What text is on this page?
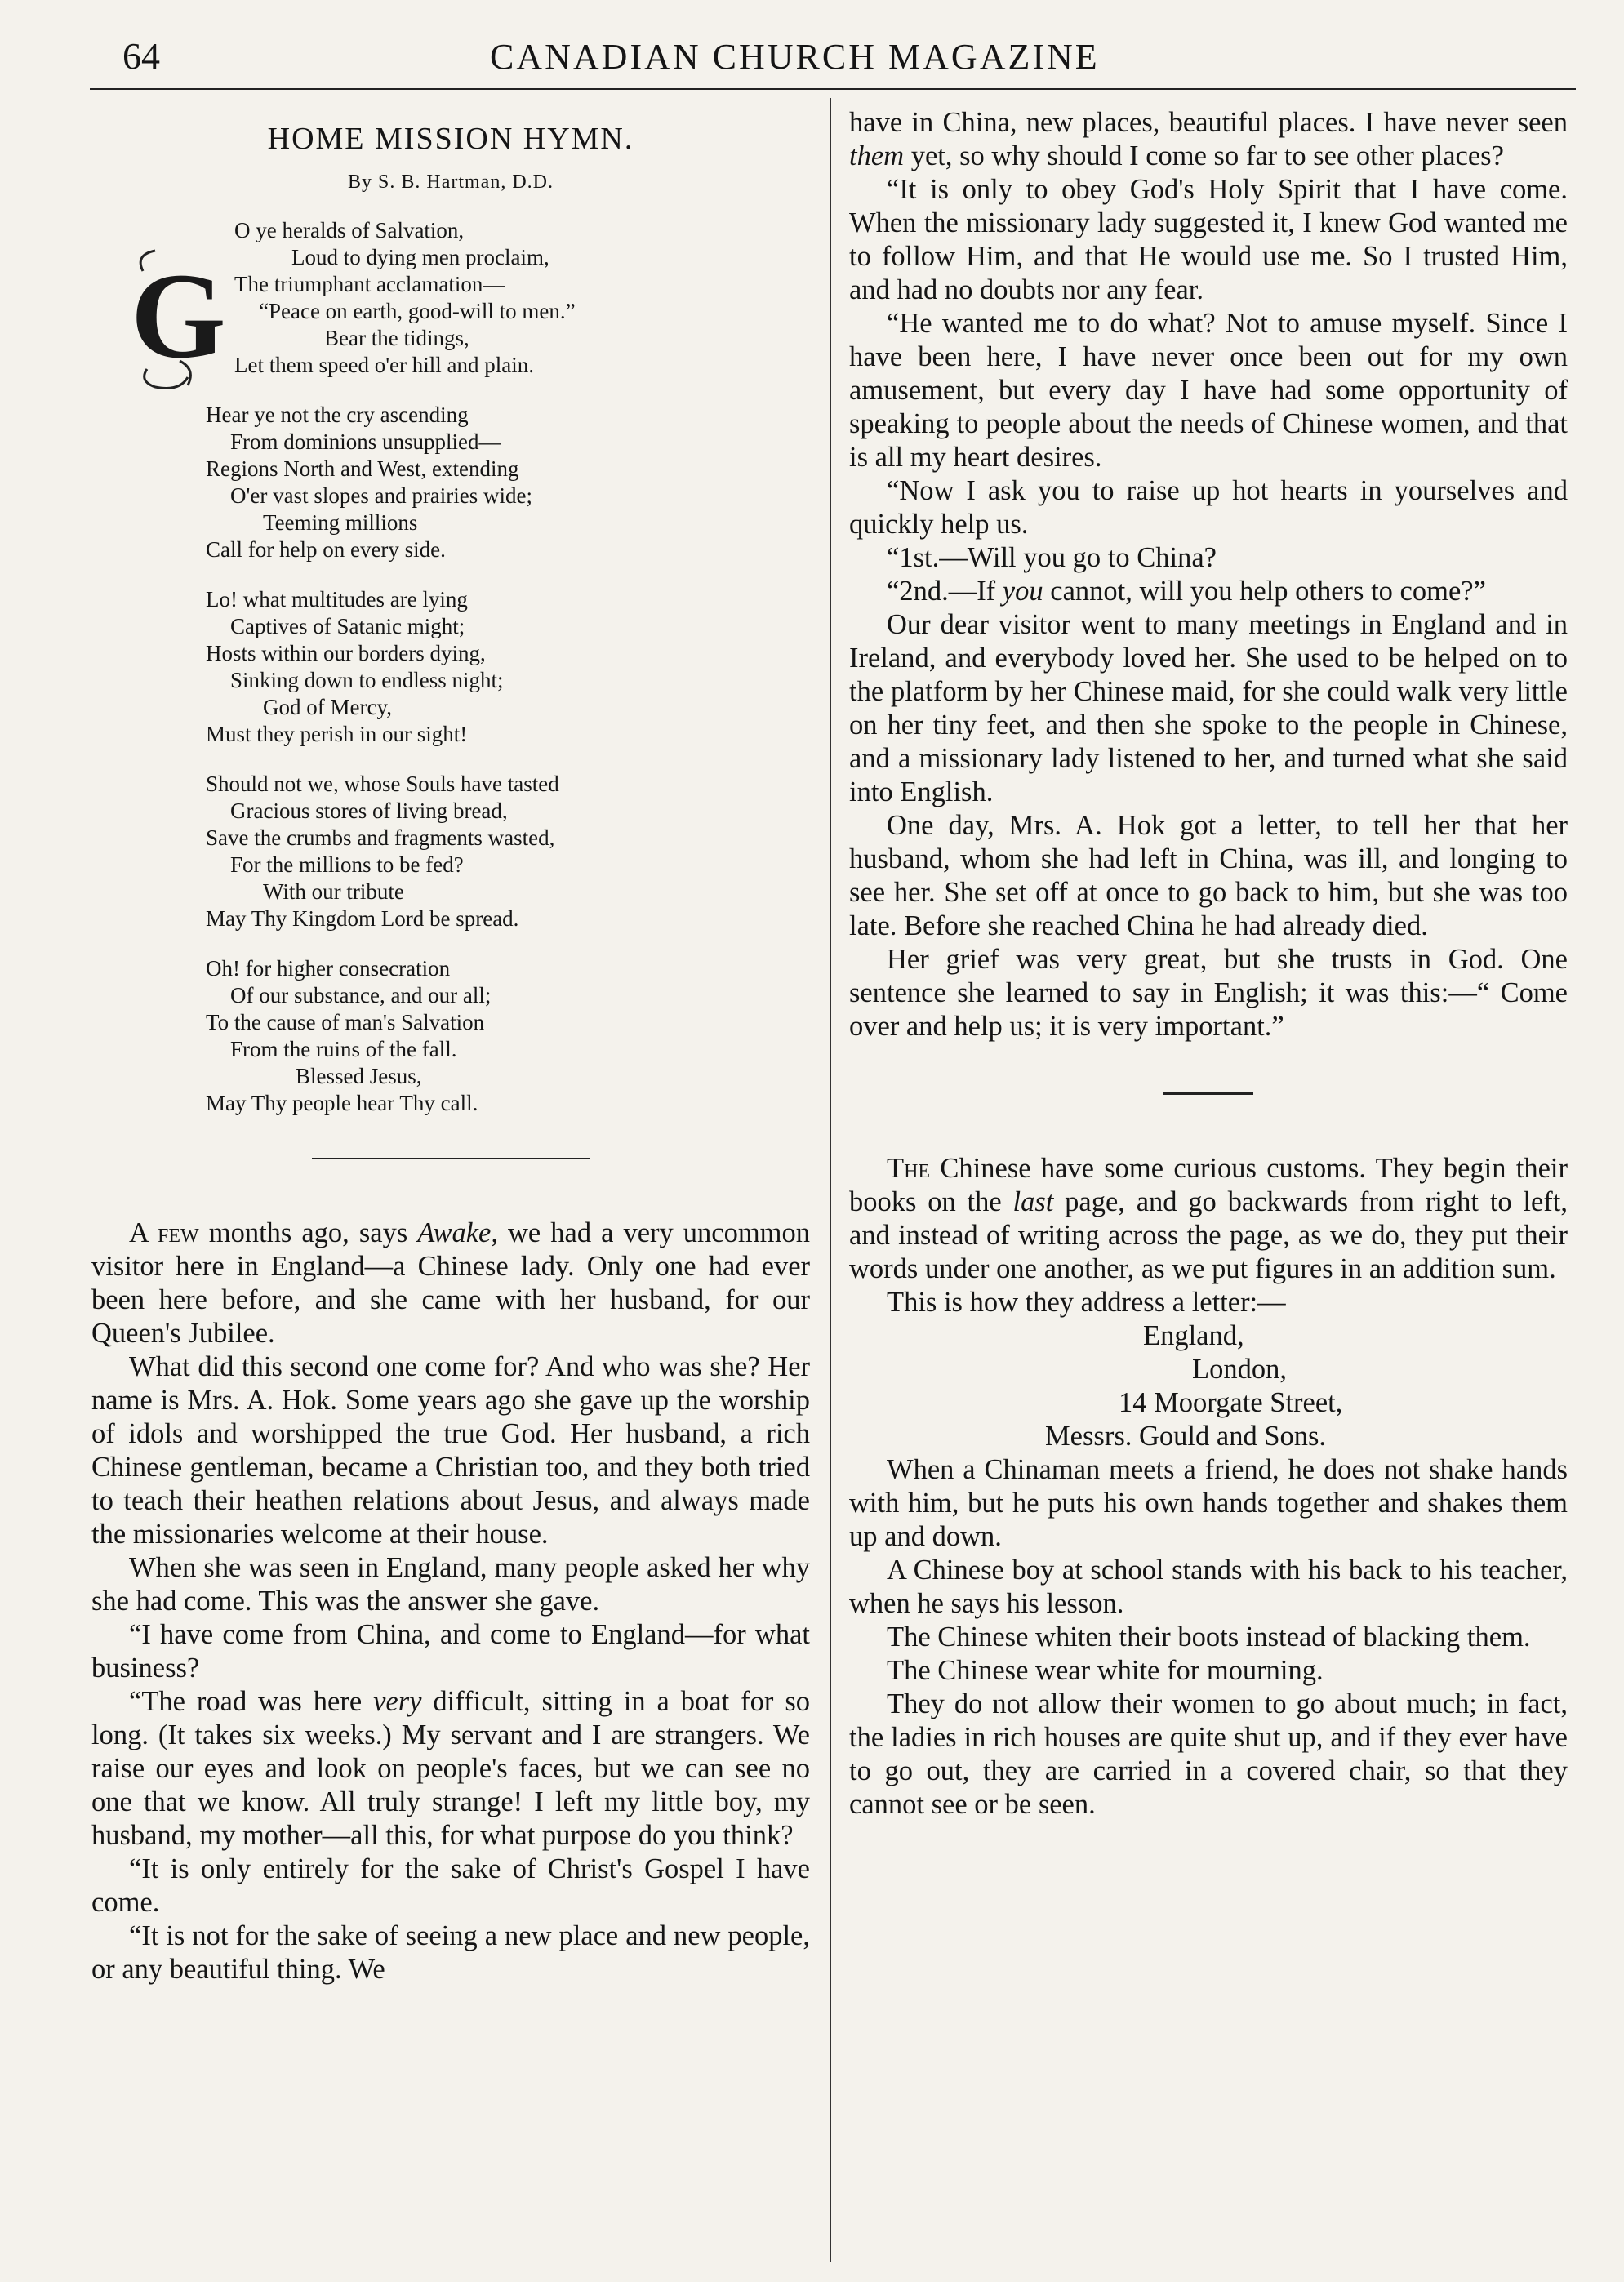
64	CANADIAN CHURCH MAGAZINE
HOME MISSION HYMN.
By S. B. Hartman, D.D.
G
O ye heralds of Salvation,
Loud to dying men proclaim,
The triumphant acclamation—
“Peace on earth, good-will to men.”
Bear the tidings,
Let them speed o'er hill and plain.
Hear ye not the cry ascending
From dominions unsupplied—
Regions North and West, extending
O'er vast slopes and prairies wide;
Teeming millions
Call for help on every side.
Lo! what multitudes are lying
Captives of Satanic might;
Hosts within our borders dying,
Sinking down to endless night;
God of Mercy,
Must they perish in our sight!
Should not we, whose Souls have tasted
Gracious stores of living bread,
Save the crumbs and fragments wasted,
For the millions to be fed?
With our tribute
May Thy Kingdom Lord be spread.
Oh! for higher consecration
Of our substance, and our all;
To the cause of man's Salvation
From the ruins of the fall.
Blessed Jesus,
May Thy people hear Thy call.

A few months ago, says Awake, we had a very uncommon visitor here in England—a Chinese lady. Only one had ever been here before, and she came with her husband, for our Queen's Jubilee.

What did this second one come for? And who was she? Her name is Mrs. A. Hok. Some years ago she gave up the worship of idols and worshipped the true God. Her husband, a rich Chinese gentleman, became a Christian too, and they both tried to teach their heathen relations about Jesus, and always made the missionaries welcome at their house.

When she was seen in England, many people asked her why she had come. This was the answer she gave.

“I have come from China, and come to England—for what business?

“The road was here very difficult, sitting in a boat for so long. (It takes six weeks.) My servant and I are strangers. We raise our eyes and look on people's faces, but we can see no one that we know. All truly strange! I left my little boy, my husband, my mother—all this, for what purpose do you think?

“It is only entirely for the sake of Christ's Gospel I have come.

“It is not for the sake of seeing a new place and new people, or any beautiful thing. We

have in China, new places, beautiful places. I have never seen them yet, so why should I come so far to see other places?

“It is only to obey God's Holy Spirit that I have come. When the missionary lady suggested it, I knew God wanted me to follow Him, and that He would use me. So I trusted Him, and had no doubts nor any fear.

“He wanted me to do what? Not to amuse myself. Since I have been here, I have never once been out for my own amusement, but every day I have had some opportunity of speaking to people about the needs of Chinese women, and that is all my heart desires.

“Now I ask you to raise up hot hearts in yourselves and quickly help us.

“1st.—Will you go to China?

“2nd.—If you cannot, will you help others to come?”

Our dear visitor went to many meetings in England and in Ireland, and everybody loved her. She used to be helped on to the platform by her Chinese maid, for she could walk very little on her tiny feet, and then she spoke to the people in Chinese, and a missionary lady listened to her, and turned what she said into English.

One day, Mrs. A. Hok got a letter, to tell her that her husband, whom she had left in China, was ill, and longing to see her. She set off at once to go back to him, but she was too late. Before she reached China he had already died.

Her grief was very great, but she trusts in God. One sentence she learned to say in English; it was this:—“ Come over and help us; it is very important.”

The Chinese have some curious customs. They begin their books on the last page, and go backwards from right to left, and instead of writing across the page, as we do, they put their words under one another, as we put figures in an addition sum.

This is how they address a letter:—

England,
London,
14 Moorgate Street,
Messrs. Gould and Sons.

When a Chinaman meets a friend, he does not shake hands with him, but he puts his own hands together and shakes them up and down.

A Chinese boy at school stands with his back to his teacher, when he says his lesson.

The Chinese whiten their boots instead of blacking them.

The Chinese wear white for mourning.

They do not allow their women to go about much; in fact, the ladies in rich houses are quite shut up, and if they ever have to go out, they are carried in a covered chair, so that they cannot see or be seen.
